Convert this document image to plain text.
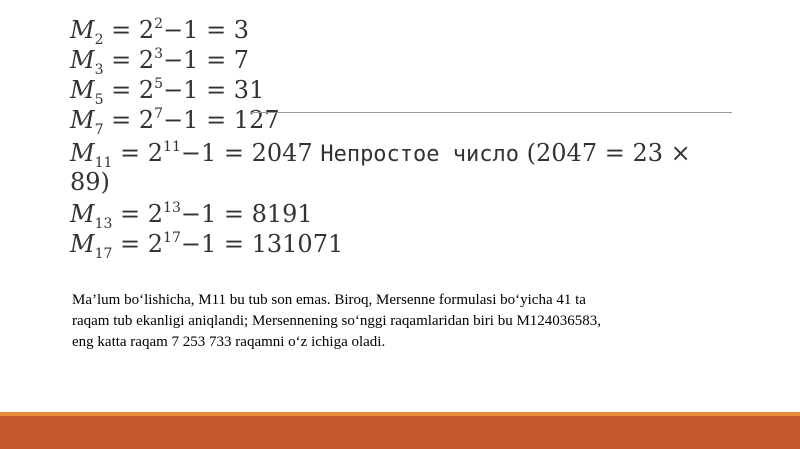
$M_2 = 2^2-1 = 3$
$M_3 = 2^3-1 = 7$
$M_5 = 2^5-1 = 31$
$M_7 = 2^7-1 = 127$
$M_{11} = 2^{11}-1 = 2047$ Непростое число (2047 = 23 ×
89)
$M_{13} = 2^{13}-1 = 8191$
$M_{17} = 2^{17}-1 = 131071$

Ma’lum bo‘lishicha, M11 bu tub son emas. Biroq, Mersenne formulasi bo‘yicha 41 ta

raqam tub ekanligi aniqlandi; Mersennening so‘nggi raqamlaridan biri bu M124036583,

eng katta raqam 7 253 733 raqamni o‘z ichiga oladi.
